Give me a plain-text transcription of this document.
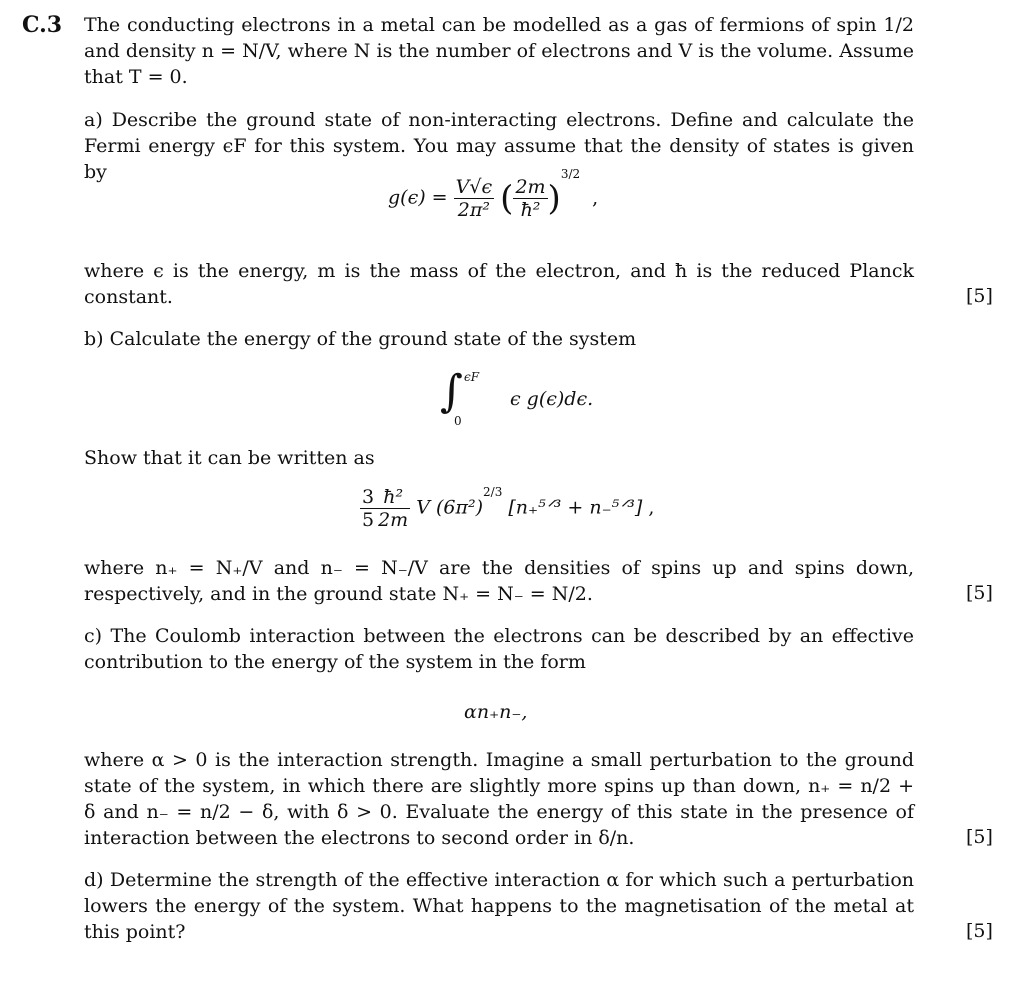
C.3 The conducting electrons in a metal can be modelled as a gas of fermions of spin 1/2 and density n = N/V, where N is the number of electrons and V is the volume. Assume that T = 0.
a) Describe the ground state of non-interacting electrons. Define and calculate the Fermi energy ϵF for this system. You may assume that the density of states is given by
$g(\epsilon) = \frac{V√\epsilon}{\text{2π²}}$ ( $\frac{2m}{\text{ħ²}} )^{3/2}$ ,
where ϵ is the energy, m is the mass of the electron, and ħ is the reduced Planck constant.	[5]
b) Calculate the energy of the ground state of the system
∫ ϵF
0
ϵ g(ϵ)dϵ.
Show that it can be written as
$\frac{3}{5} \frac{\text{ħ²}}{2m}$ V $(6\pi^2)^{2/3}$ [n₊⁵ᐟ³ + n₋⁵ᐟ³] ,
where n₊ = N₊/V and n₋ = N₋/V are the densities of spins up and spins down, respectively, and in the ground state N₊ = N₋ = N/2.	[5]
c) The Coulomb interaction between the electrons can be described by an effective contribution to the energy of the system in the form
αn₊n₋,
where α > 0 is the interaction strength. Imagine a small perturbation to the ground state of the system, in which there are slightly more spins up than down, n₊ = n/2 + δ and n₋ = n/2 − δ, with δ > 0. Evaluate the energy of this state in the presence of interaction between the electrons to second order in δ/n.	[5]
d) Determine the strength of the effective interaction α for which such a perturbation lowers the energy of the system. What happens to the magnetisation of the metal at this point?	[5]
